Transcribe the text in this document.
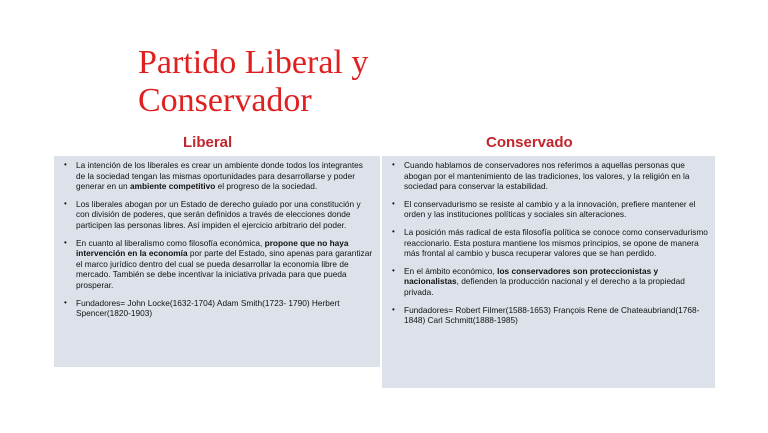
Partido Liberal y Conservador
Liberal	Conservado
• La intención de los liberales es crear un ambiente donde todos los integrantes de la sociedad tengan las mismas oportunidades para desarrollarse y poder generar en un ambiente competitivo el progreso de la sociedad.
• Los liberales abogan por un Estado de derecho guiado por una constitución y con división de poderes, que serán definidos a través de elecciones donde participen las personas libres. Así impiden el ejercicio arbitrario del poder.
• En cuanto al liberalismo como filosofía económica, propone que no haya intervención en la economía por parte del Estado, sino apenas para garantizar el marco jurídico dentro del cual se pueda desarrollar la economía libre de mercado. También se debe incentivar la iniciativa privada para que pueda prosperar.
• Fundadores= John Locke(1632-1704) Adam Smith(1723- 1790) Herbert Spencer(1820-1903)
• Cuando hablamos de conservadores nos referimos a aquellas personas que abogan por el mantenimiento de las tradiciones, los valores, y la religión en la sociedad para conservar la estabilidad.
• El conservadurismo se resiste al cambio y a la innovación, prefiere mantener el orden y las instituciones políticas y sociales sin alteraciones.
• La posición más radical de esta filosofía política se conoce como conservadurismo reaccionario. Esta postura mantiene los mismos principios, se opone de manera más frontal al cambio y busca recuperar valores que se han perdido.
• En el ámbito económico, los conservadores son proteccionistas y nacionalistas, defienden la producción nacional y el derecho a la propiedad privada.
• Fundadores= Robert Filmer(1588-1653) François Rene de Chateaubriand(1768-1848) Carl Schmitt(1888-1985)
